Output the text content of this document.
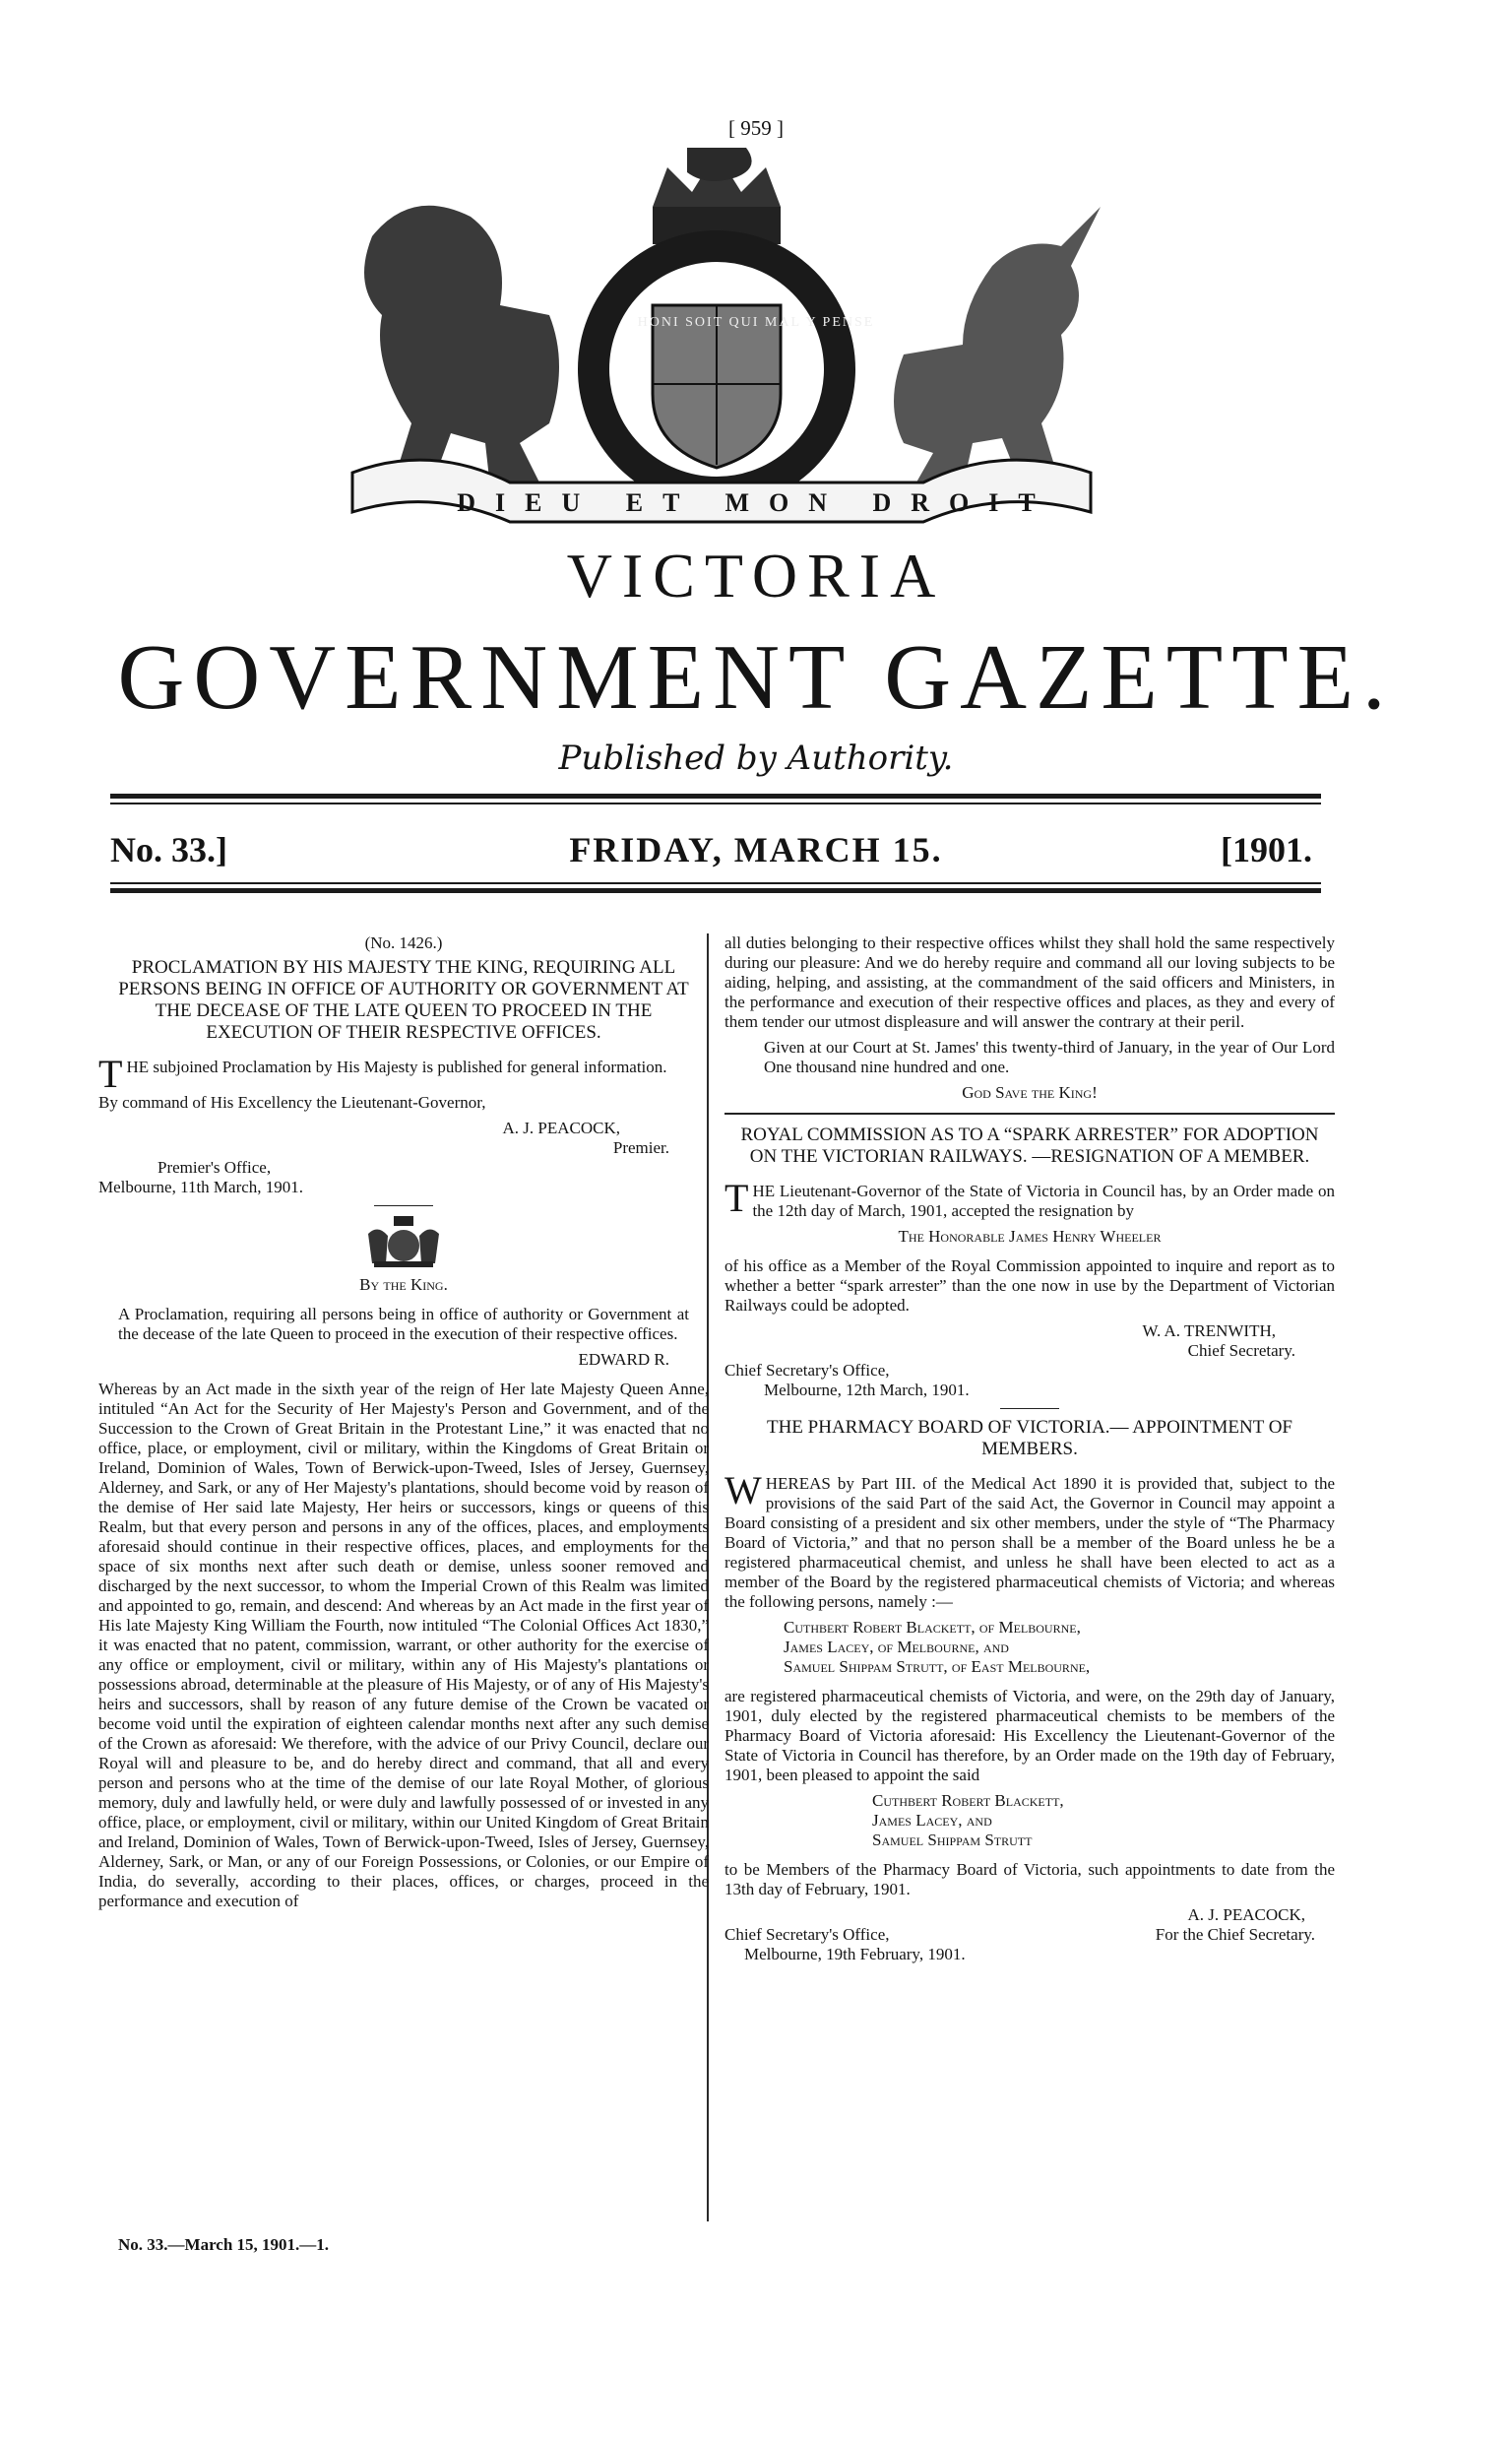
[ 959 ]
HONI SOIT QUI MAL Y PENSE
DIEU ET MON DROIT
VICTORIA
GOVERNMENT GAZETTE.
Published by Authority.
No. 33.]	FRIDAY, MARCH 15.	[1901.
(No. 1426.)
PROCLAMATION BY HIS MAJESTY THE KING, REQUIRING ALL PERSONS BEING IN OFFICE OF AUTHORITY OR GOVERNMENT AT THE DECEASE OF THE LATE QUEEN TO PROCEED IN THE EXECUTION OF THEIR RESPECTIVE OFFICES.
THE subjoined Proclamation by His Majesty is published for general information.
By command of His Excellency the Lieutenant-Governor,
A. J. PEACOCK,
Premier.
Premier's Office,
Melbourne, 11th March, 1901.
By the King.
A Proclamation, requiring all persons being in office of authority or Government at the decease of the late Queen to proceed in the execution of their respective offices.
EDWARD R.
Whereas by an Act made in the sixth year of the reign of Her late Majesty Queen Anne, intituled “An Act for the Security of Her Majesty's Person and Government, and of the Succession to the Crown of Great Britain in the Protestant Line,” it was enacted that no office, place, or employment, civil or military, within the Kingdoms of Great Britain or Ireland, Dominion of Wales, Town of Berwick-upon-Tweed, Isles of Jersey, Guernsey, Alderney, and Sark, or any of Her Majesty's plantations, should become void by reason of the demise of Her said late Majesty, Her heirs or successors, kings or queens of this Realm, but that every person and persons in any of the offices, places, and employments aforesaid should continue in their respective offices, places, and employments for the space of six months next after such death or demise, unless sooner removed and discharged by the next successor, to whom the Imperial Crown of this Realm was limited and appointed to go, remain, and descend: And whereas by an Act made in the first year of His late Majesty King William the Fourth, now intituled “The Colonial Offices Act 1830,” it was enacted that no patent, commission, warrant, or other authority for the exercise of any office or employment, civil or military, within any of His Majesty's plantations or possessions abroad, determinable at the pleasure of His Majesty, or of any of His Majesty's heirs and successors, shall by reason of any future demise of the Crown be vacated or become void until the expiration of eighteen calendar months next after any such demise of the Crown as aforesaid: We therefore, with the advice of our Privy Council, declare our Royal will and pleasure to be, and do hereby direct and command, that all and every person and persons who at the time of the demise of our late Royal Mother, of glorious memory, duly and lawfully held, or were duly and lawfully possessed of or invested in any office, place, or employment, civil or military, within our United Kingdom of Great Britain and Ireland, Dominion of Wales, Town of Berwick-upon-Tweed, Isles of Jersey, Guernsey, Alderney, Sark, or Man, or any of our Foreign Possessions, or Colonies, or our Empire of India, do severally, according to their places, offices, or charges, proceed in the performance and execution of
all duties belonging to their respective offices whilst they shall hold the same respectively during our pleasure: And we do hereby require and command all our loving subjects to be aiding, helping, and assisting, at the commandment of the said officers and Ministers, in the performance and execution of their respective offices and places, as they and every of them tender our utmost displeasure and will answer the contrary at their peril.
Given at our Court at St. James' this twenty-third of January, in the year of Our Lord One thousand nine hundred and one.
God Save the King!
ROYAL COMMISSION AS TO A “SPARK ARRESTER” FOR ADOPTION ON THE VICTORIAN RAILWAYS. —RESIGNATION OF A MEMBER.
THE Lieutenant-Governor of the State of Victoria in Council has, by an Order made on the 12th day of March, 1901, accepted the resignation by
The Honorable James Henry Wheeler
of his office as a Member of the Royal Commission appointed to inquire and report as to whether a better “spark arrester” than the one now in use by the Department of Victorian Railways could be adopted.
W. A. TRENWITH,
Chief Secretary.
Chief Secretary's Office,
Melbourne, 12th March, 1901.
THE PHARMACY BOARD OF VICTORIA.— APPOINTMENT OF MEMBERS.
WHEREAS by Part III. of the Medical Act 1890 it is provided that, subject to the provisions of the said Part of the said Act, the Governor in Council may appoint a Board consisting of a president and six other members, under the style of “The Pharmacy Board of Victoria,” and that no person shall be a member of the Board unless he be a registered pharmaceutical chemist, and unless he shall have been elected to act as a member of the Board by the registered pharmaceutical chemists of Victoria; and whereas the following persons, namely :—
Cuthbert Robert Blackett, of Melbourne,
James Lacey, of Melbourne, and
Samuel Shippam Strutt, of East Melbourne,
are registered pharmaceutical chemists of Victoria, and were, on the 29th day of January, 1901, duly elected by the registered pharmaceutical chemists to be members of the Pharmacy Board of Victoria aforesaid: His Excellency the Lieutenant-Governor of the State of Victoria in Council has therefore, by an Order made on the 19th day of February, 1901, been pleased to appoint the said
Cuthbert Robert Blackett,
James Lacey, and
Samuel Shippam Strutt
to be Members of the Pharmacy Board of Victoria, such appointments to date from the 13th day of February, 1901.
A. J. PEACOCK,
Chief Secretary's Office,	For the Chief Secretary.
Melbourne, 19th February, 1901.
No. 33.—March 15, 1901.—1.
